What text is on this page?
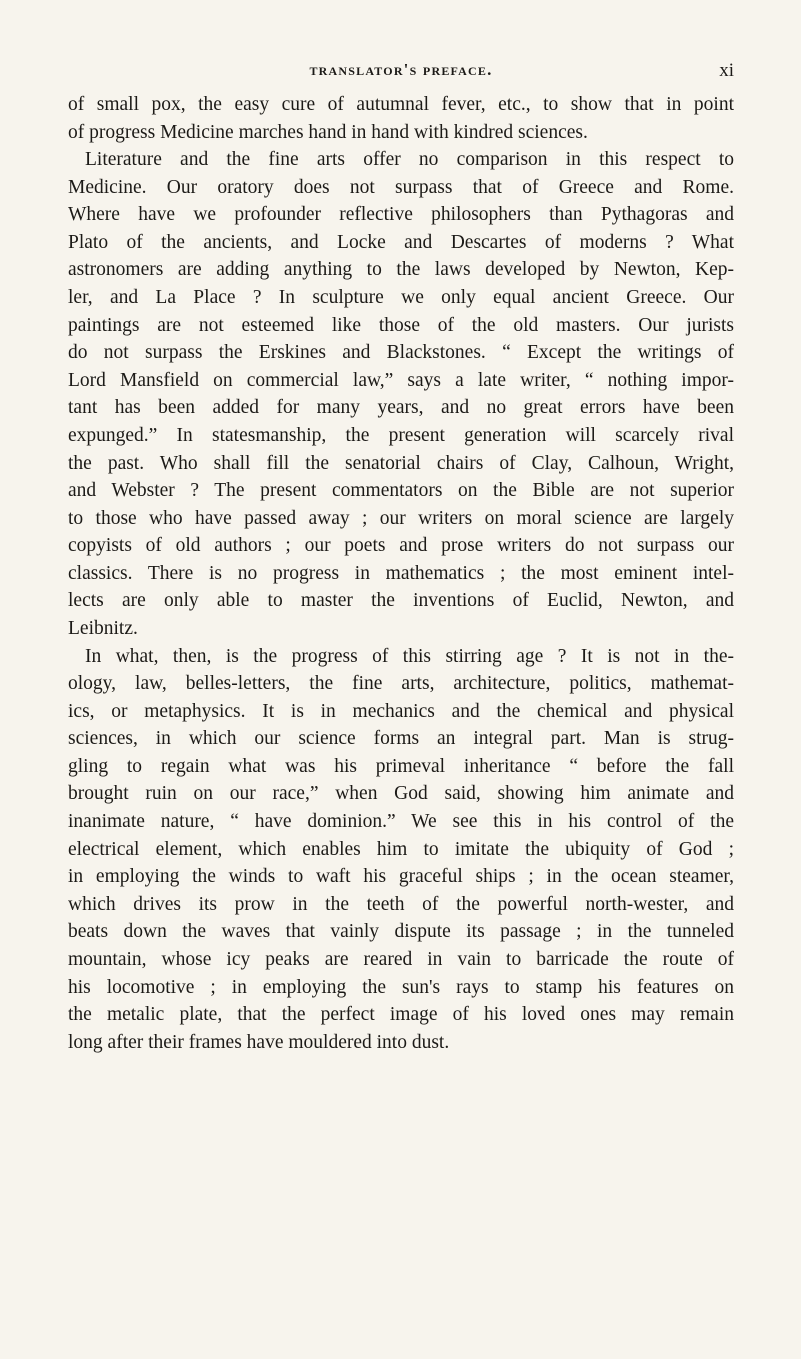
translator's preface.	xi
of small pox, the easy cure of autumnal fever, etc., to show that in point
of progress Medicine marches hand in hand with kindred sciences.
Literature and the fine arts offer no comparison in this respect to
Medicine. Our oratory does not surpass that of Greece and Rome.
Where have we profounder reflective philosophers than Pythagoras and
Plato of the ancients, and Locke and Descartes of moderns ? What
astronomers are adding anything to the laws developed by Newton, Kep-
ler, and La Place ? In sculpture we only equal ancient Greece. Our
paintings are not esteemed like those of the old masters. Our jurists
do not surpass the Erskines and Blackstones. “ Except the writings of
Lord Mansfield on commercial law,” says a late writer, “ nothing impor-
tant has been added for many years, and no great errors have been
expunged.” In statesmanship, the present generation will scarcely rival
the past. Who shall fill the senatorial chairs of Clay, Calhoun, Wright,
and Webster ? The present commentators on the Bible are not superior
to those who have passed away ; our writers on moral science are largely
copyists of old authors ; our poets and prose writers do not surpass our
classics. There is no progress in mathematics ; the most eminent intel-
lects are only able to master the inventions of Euclid, Newton, and
Leibnitz.
In what, then, is the progress of this stirring age ? It is not in the-
ology, law, belles-letters, the fine arts, architecture, politics, mathemat-
ics, or metaphysics. It is in mechanics and the chemical and physical
sciences, in which our science forms an integral part. Man is strug-
gling to regain what was his primeval inheritance “ before the fall
brought ruin on our race,” when God said, showing him animate and
inanimate nature, “ have dominion.” We see this in his control of the
electrical element, which enables him to imitate the ubiquity of God ;
in employing the winds to waft his graceful ships ; in the ocean steamer,
which drives its prow in the teeth of the powerful north-wester, and
beats down the waves that vainly dispute its passage ; in the tunneled
mountain, whose icy peaks are reared in vain to barricade the route of
his locomotive ; in employing the sun's rays to stamp his features on
the metalic plate, that the perfect image of his loved ones may remain
long after their frames have mouldered into dust.
